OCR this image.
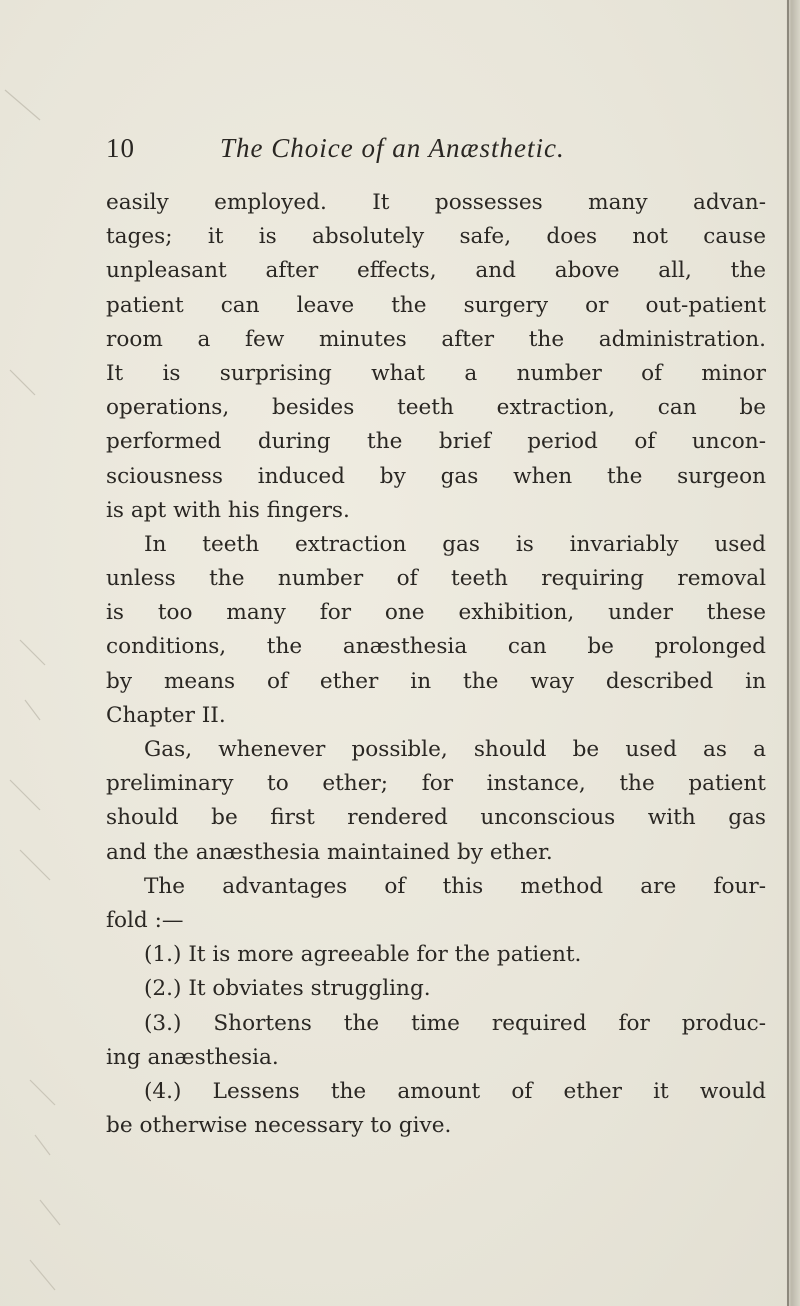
10	The Choice of an Anæsthetic.
easily employed. It possesses many advan-
tages; it is absolutely safe, does not cause
unpleasant after effects, and above all, the
patient can leave the surgery or out-patient
room a few minutes after the administration.
It is surprising what a number of minor
operations, besides teeth extraction, can be
performed during the brief period of uncon-
sciousness induced by gas when the surgeon
is apt with his fingers.
In teeth extraction gas is invariably used
unless the number of teeth requiring removal
is too many for one exhibition, under these
conditions, the anæsthesia can be prolonged
by means of ether in the way described in
Chapter II.
Gas, whenever possible, should be used as a
preliminary to ether; for instance, the patient
should be first rendered unconscious with gas
and the anæsthesia maintained by ether.
The advantages of this method are four-
fold :—
(1.) It is more agreeable for the patient.
(2.) It obviates struggling.
(3.) Shortens the time required for produc-
ing anæsthesia.
(4.) Lessens the amount of ether it would
be otherwise necessary to give.
